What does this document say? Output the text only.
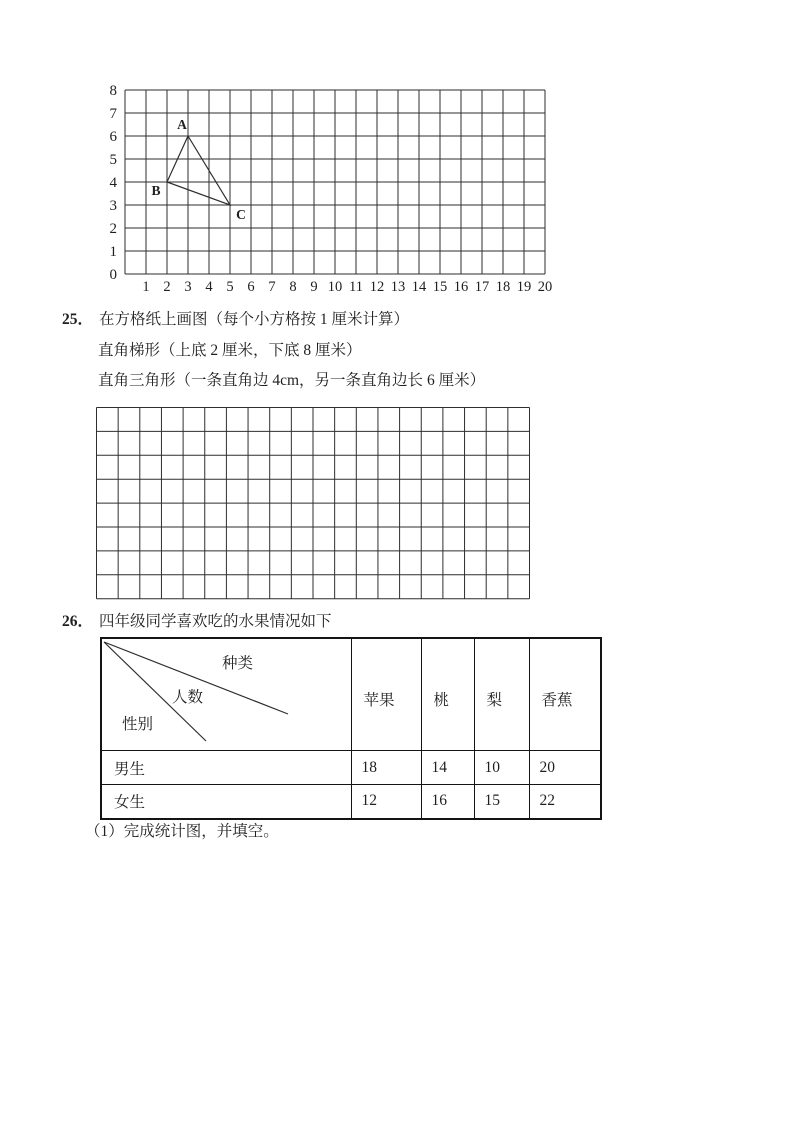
8
7
6
5
4
3
2
1
0
1 2 3 4 5 6 7 8 9 10 11 12 13 14 15 16 17 18 19 20
A
B
C
25． 在方格纸上画图（每个小方格按 1 厘米计算）
直角梯形（上底 2 厘米，下底 8 厘米）
直角三角形（一条直角边 4cm，另一条直角边长 6 厘米）
26． 四年级同学喜欢吃的水果情况如下
种类
人数
性别	苹果	桃	梨	香蕉
男生	18	14	10	20
女生	12	16	15	22
（1）完成统计图，并填空。
